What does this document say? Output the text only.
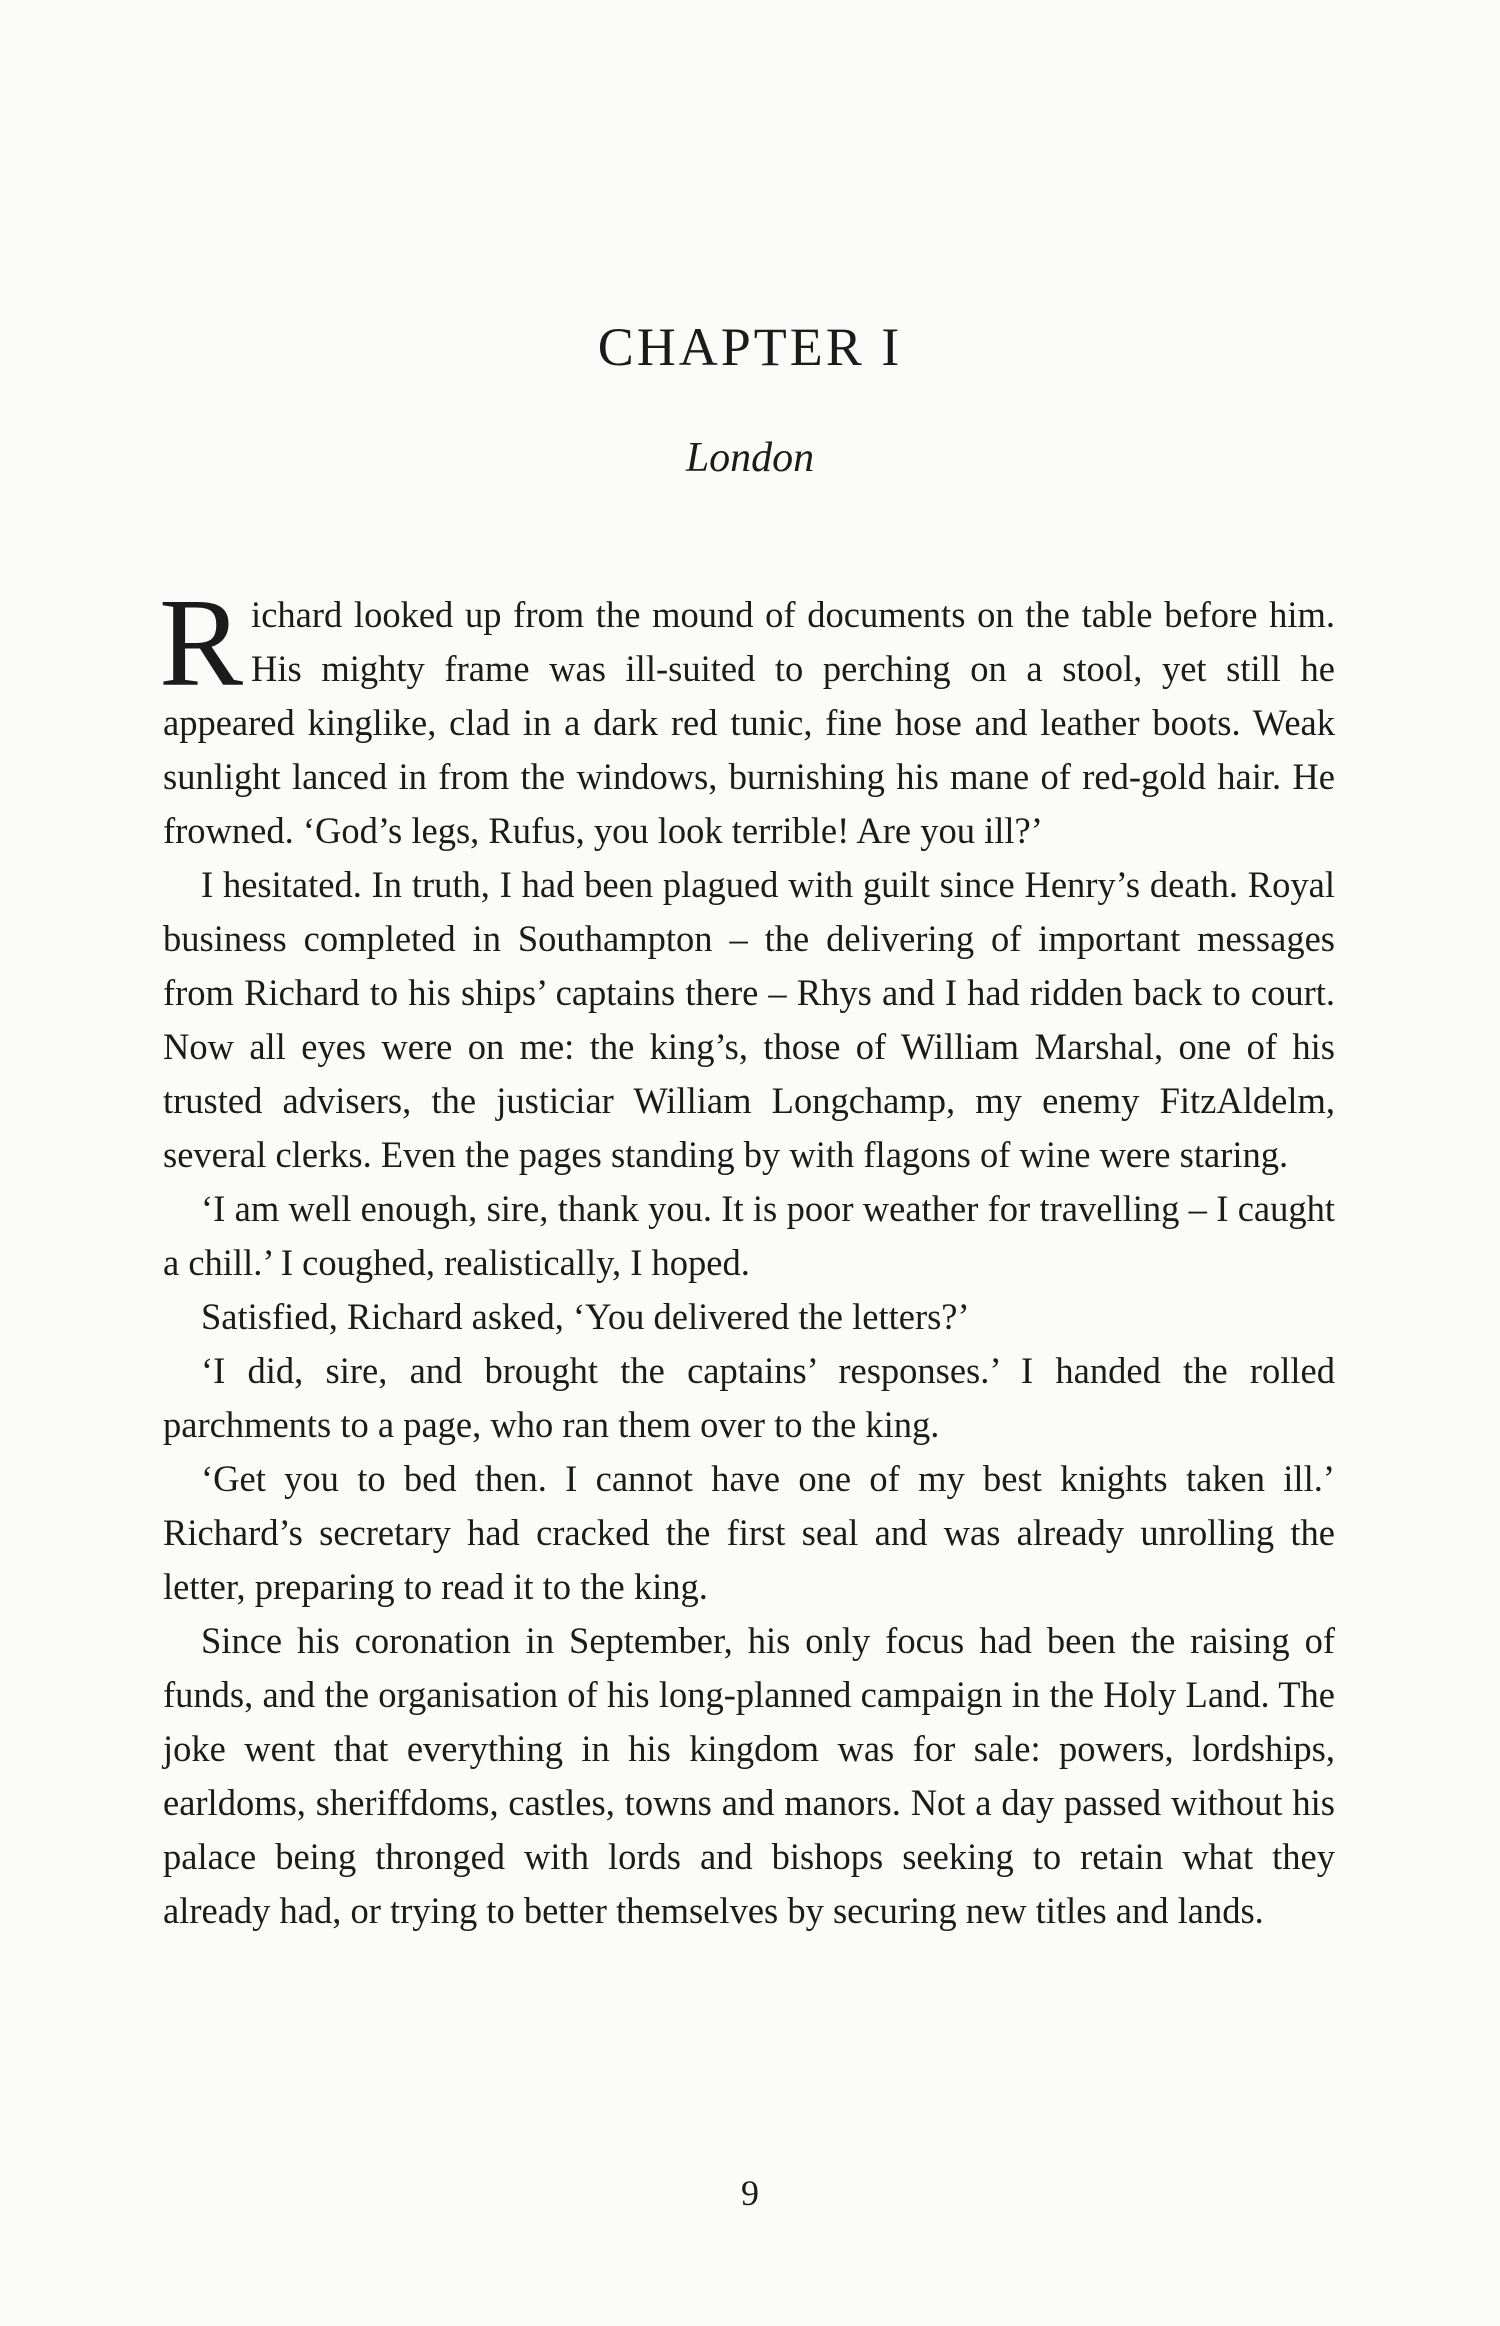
CHAPTER I
London

Richard looked up from the mound of documents on the table before him. His mighty frame was ill-suited to perching on a stool, yet still he appeared kinglike, clad in a dark red tunic, fine hose and leather boots. Weak sunlight lanced in from the windows, burnishing his mane of red-gold hair. He frowned. ‘God’s legs, Rufus, you look terrible! Are you ill?’

I hesitated. In truth, I had been plagued with guilt since Henry’s death. Royal business completed in Southampton – the delivering of important messages from Richard to his ships’ captains there – Rhys and I had ridden back to court. Now all eyes were on me: the king’s, those of William Marshal, one of his trusted advisers, the justiciar William Longchamp, my enemy FitzAldelm, several clerks. Even the pages standing by with flagons of wine were staring.

‘I am well enough, sire, thank you. It is poor weather for travelling – I caught a chill.’ I coughed, realistically, I hoped.

Satisfied, Richard asked, ‘You delivered the letters?’

‘I did, sire, and brought the captains’ responses.’ I handed the rolled parchments to a page, who ran them over to the king.

‘Get you to bed then. I cannot have one of my best knights taken ill.’ Richard’s secretary had cracked the first seal and was already unrolling the letter, preparing to read it to the king.

Since his coronation in September, his only focus had been the raising of funds, and the organisation of his long-planned campaign in the Holy Land. The joke went that everything in his kingdom was for sale: powers, lordships, earldoms, sheriffdoms, castles, towns and manors. Not a day passed without his palace being thronged with lords and bishops seeking to retain what they already had, or trying to better themselves by securing new titles and lands.

9
